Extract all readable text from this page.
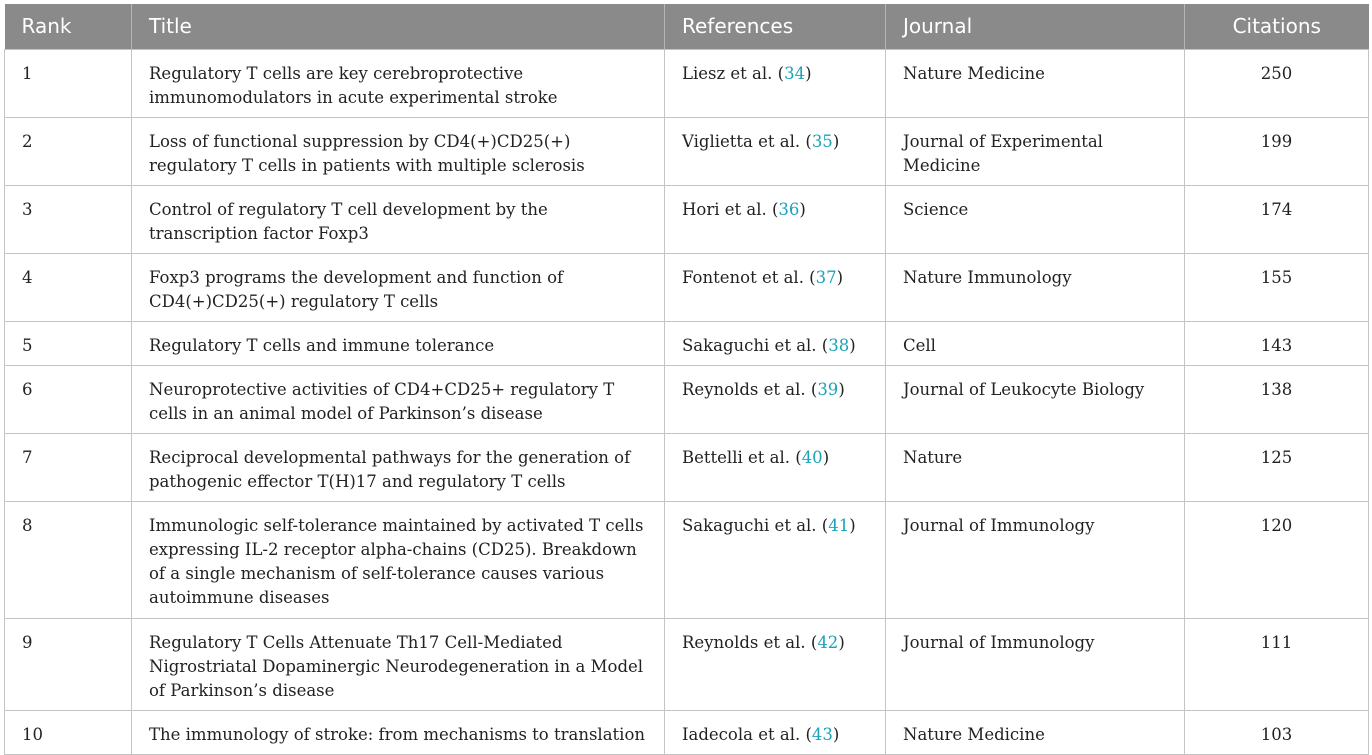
Rank	Title	References	Journal	Citations
1	Regulatory T cells are key cerebroprotective immunomodulators in acute experimental stroke	Liesz et al. (34)	Nature Medicine	250
2	Loss of functional suppression by CD4(+)CD25(+) regulatory T cells in patients with multiple sclerosis	Viglietta et al. (35)	Journal of Experimental Medicine	199
3	Control of regulatory T cell development by the transcription factor Foxp3	Hori et al. (36)	Science	174
4	Foxp3 programs the development and function of CD4(+)CD25(+) regulatory T cells	Fontenot et al. (37)	Nature Immunology	155
5	Regulatory T cells and immune tolerance	Sakaguchi et al. (38)	Cell	143
6	Neuroprotective activities of CD4+CD25+ regulatory T cells in an animal model of Parkinson’s disease	Reynolds et al. (39)	Journal of Leukocyte Biology	138
7	Reciprocal developmental pathways for the generation of pathogenic effector T(H)17 and regulatory T cells	Bettelli et al. (40)	Nature	125
8	Immunologic self-tolerance maintained by activated T cells expressing IL-2 receptor alpha-chains (CD25). Breakdown of a single mechanism of self-tolerance causes various autoimmune diseases	Sakaguchi et al. (41)	Journal of Immunology	120
9	Regulatory T Cells Attenuate Th17 Cell-Mediated Nigrostriatal Dopaminergic Neurodegeneration in a Model of Parkinson’s disease	Reynolds et al. (42)	Journal of Immunology	111
10	The immunology of stroke: from mechanisms to translation	Iadecola et al. (43)	Nature Medicine	103
